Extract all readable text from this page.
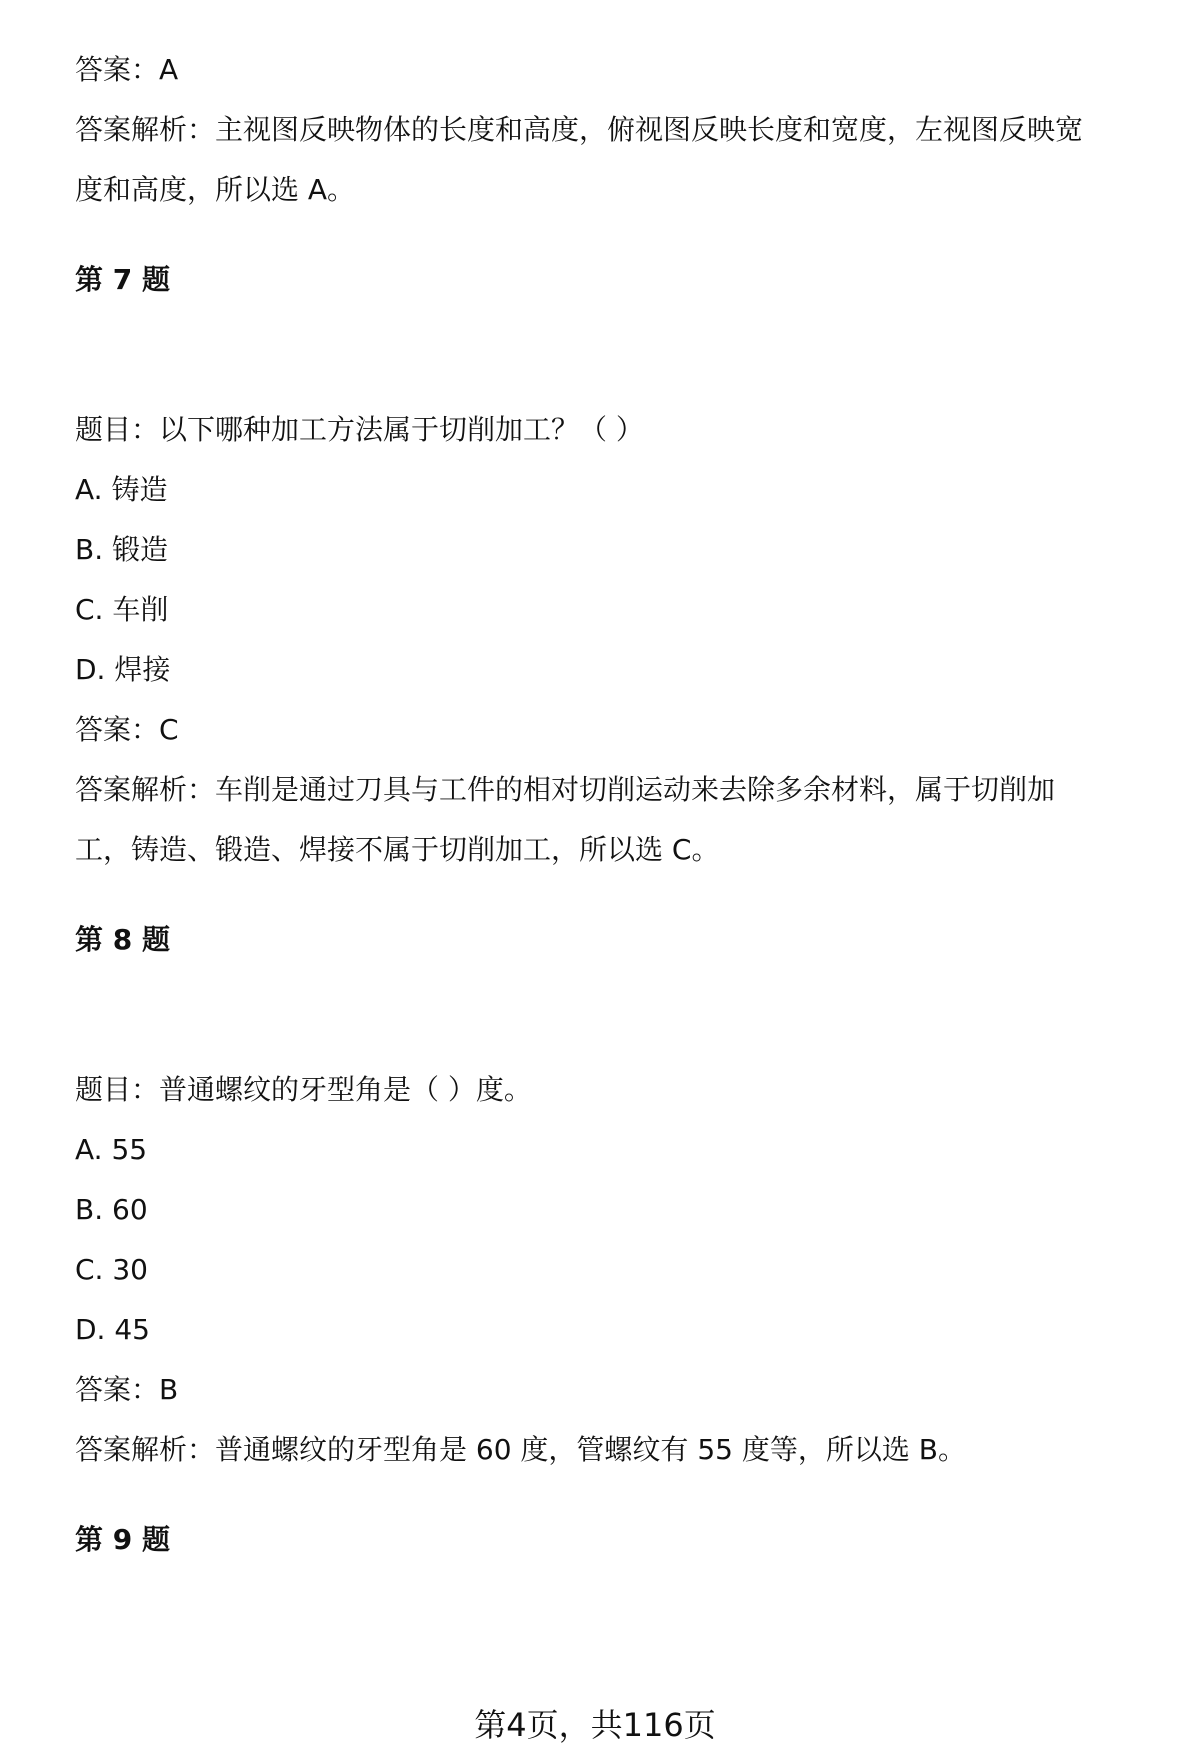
答案：A
答案解析：主视图反映物体的长度和高度，俯视图反映长度和宽度，左视图反映宽
度和高度，所以选 A。
第 7 题
题目：以下哪种加工方法属于切削加工？（ ）
A. 铸造
B. 锻造
C. 车削
D. 焊接
答案：C
答案解析：车削是通过刀具与工件的相对切削运动来去除多余材料，属于切削加
工，铸造、锻造、焊接不属于切削加工，所以选 C。
第 8 题
题目：普通螺纹的牙型角是（ ）度。
A. 55
B. 60
C. 30
D. 45
答案：B
答案解析：普通螺纹的牙型角是 60 度，管螺纹有 55 度等，所以选 B。
第 9 题
第4页，共116页
